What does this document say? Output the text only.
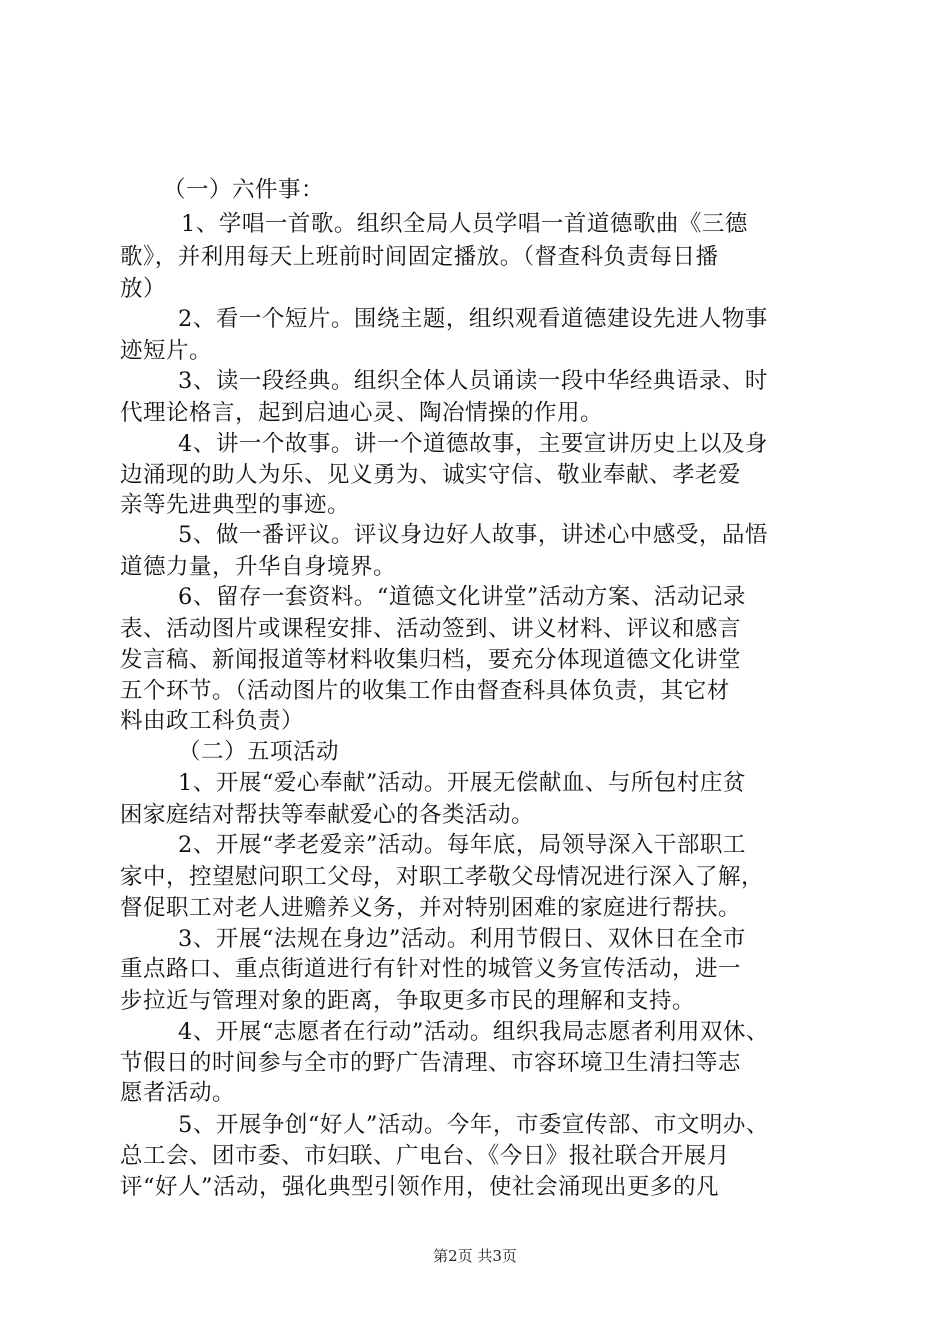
（一）六件事：
1、学唱一首歌。组织全局人员学唱一首道德歌曲《三德
歌》，并利用每天上班前时间固定播放。（督查科负责每日播
放）
2、看一个短片。围绕主题，组织观看道德建设先进人物事
迹短片。
3、读一段经典。组织全体人员诵读一段中华经典语录、时
代理论格言，起到启迪心灵、陶冶情操的作用。
4、讲一个故事。讲一个道德故事，主要宣讲历史上以及身
边涌现的助人为乐、见义勇为、诚实守信、敬业奉献、孝老爱
亲等先进典型的事迹。
5、做一番评议。评议身边好人故事，讲述心中感受，品悟
道德力量，升华自身境界。
6、留存一套资料。“道德文化讲堂”活动方案、活动记录
表、活动图片或课程安排、活动签到、讲义材料、评议和感言
发言稿、新闻报道等材料收集归档，要充分体现道德文化讲堂
五个环节。（活动图片的收集工作由督查科具体负责，其它材
料由政工科负责）
（二）五项活动
1、开展“爱心奉献”活动。开展无偿献血、与所包村庄贫
困家庭结对帮扶等奉献爱心的各类活动。
2、开展“孝老爱亲”活动。每年底，局领导深入干部职工
家中，控望慰问职工父母，对职工孝敬父母情况进行深入了解，
督促职工对老人进赡养义务，并对特别困难的家庭进行帮扶。
3、开展“法规在身边”活动。利用节假日、双休日在全市
重点路口、重点街道进行有针对性的城管义务宣传活动，进一
步拉近与管理对象的距离，争取更多市民的理解和支持。
4、开展“志愿者在行动”活动。组织我局志愿者利用双休、
节假日的时间参与全市的野广告清理、市容环境卫生清扫等志
愿者活动。
5、开展争创“好人”活动。今年，市委宣传部、市文明办、
总工会、团市委、市妇联、广电台、《今日》报社联合开展月
评“好人”活动，强化典型引领作用，使社会涌现出更多的凡
第2页 共3页
